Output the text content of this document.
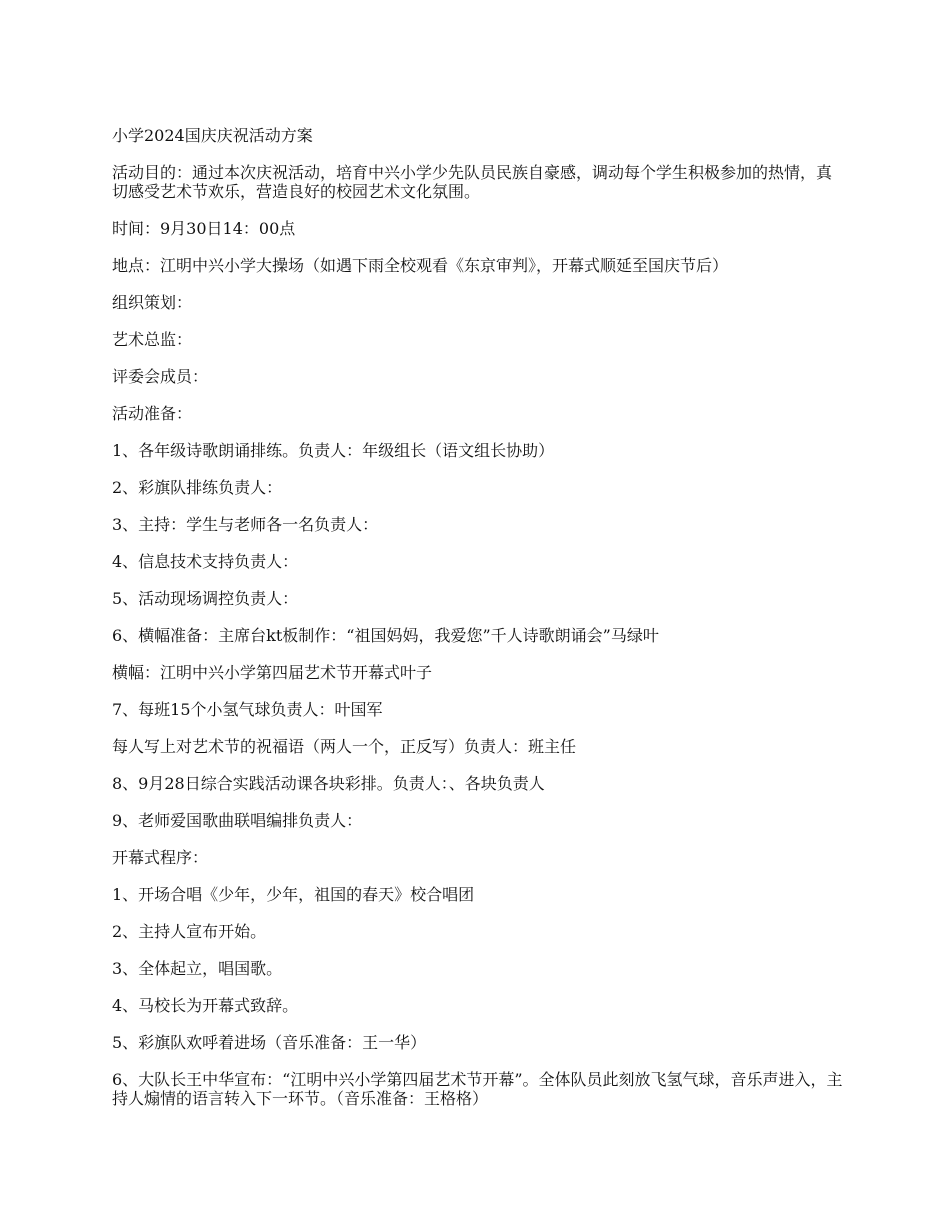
小学2024国庆庆祝活动方案

活动目的：通过本次庆祝活动，培育中兴小学少先队员民族自豪感，调动每个学生积极参加的热情，真切感受艺术节欢乐，营造良好的校园艺术文化氛围。

时间：9月30日14：00点

地点：江明中兴小学大操场（如遇下雨全校观看《东京审判》，开幕式顺延至国庆节后）

组织策划：

艺术总监：

评委会成员：

活动准备：

1、各年级诗歌朗诵排练。负责人：年级组长（语文组长协助）

2、彩旗队排练负责人：

3、主持：学生与老师各一名负责人：

4、信息技术支持负责人：

5、活动现场调控负责人：

6、横幅准备：主席台kt板制作：“祖国妈妈，我爱您”千人诗歌朗诵会”马绿叶

横幅：江明中兴小学第四届艺术节开幕式叶子

7、每班15个小氢气球负责人：叶国军

每人写上对艺术节的祝福语（两人一个，正反写）负责人：班主任

8、9月28日综合实践活动课各块彩排。负责人：、各块负责人

9、老师爱国歌曲联唱编排负责人：

开幕式程序：

1、开场合唱《少年，少年，祖国的春天》校合唱团

2、主持人宣布开始。

3、全体起立，唱国歌。

4、马校长为开幕式致辞。

5、彩旗队欢呼着进场（音乐准备：王一华）

6、大队长王中华宣布：“江明中兴小学第四届艺术节开幕”。全体队员此刻放飞氢气球，音乐声进入，主持人煽情的语言转入下一环节。（音乐准备：王格格）
